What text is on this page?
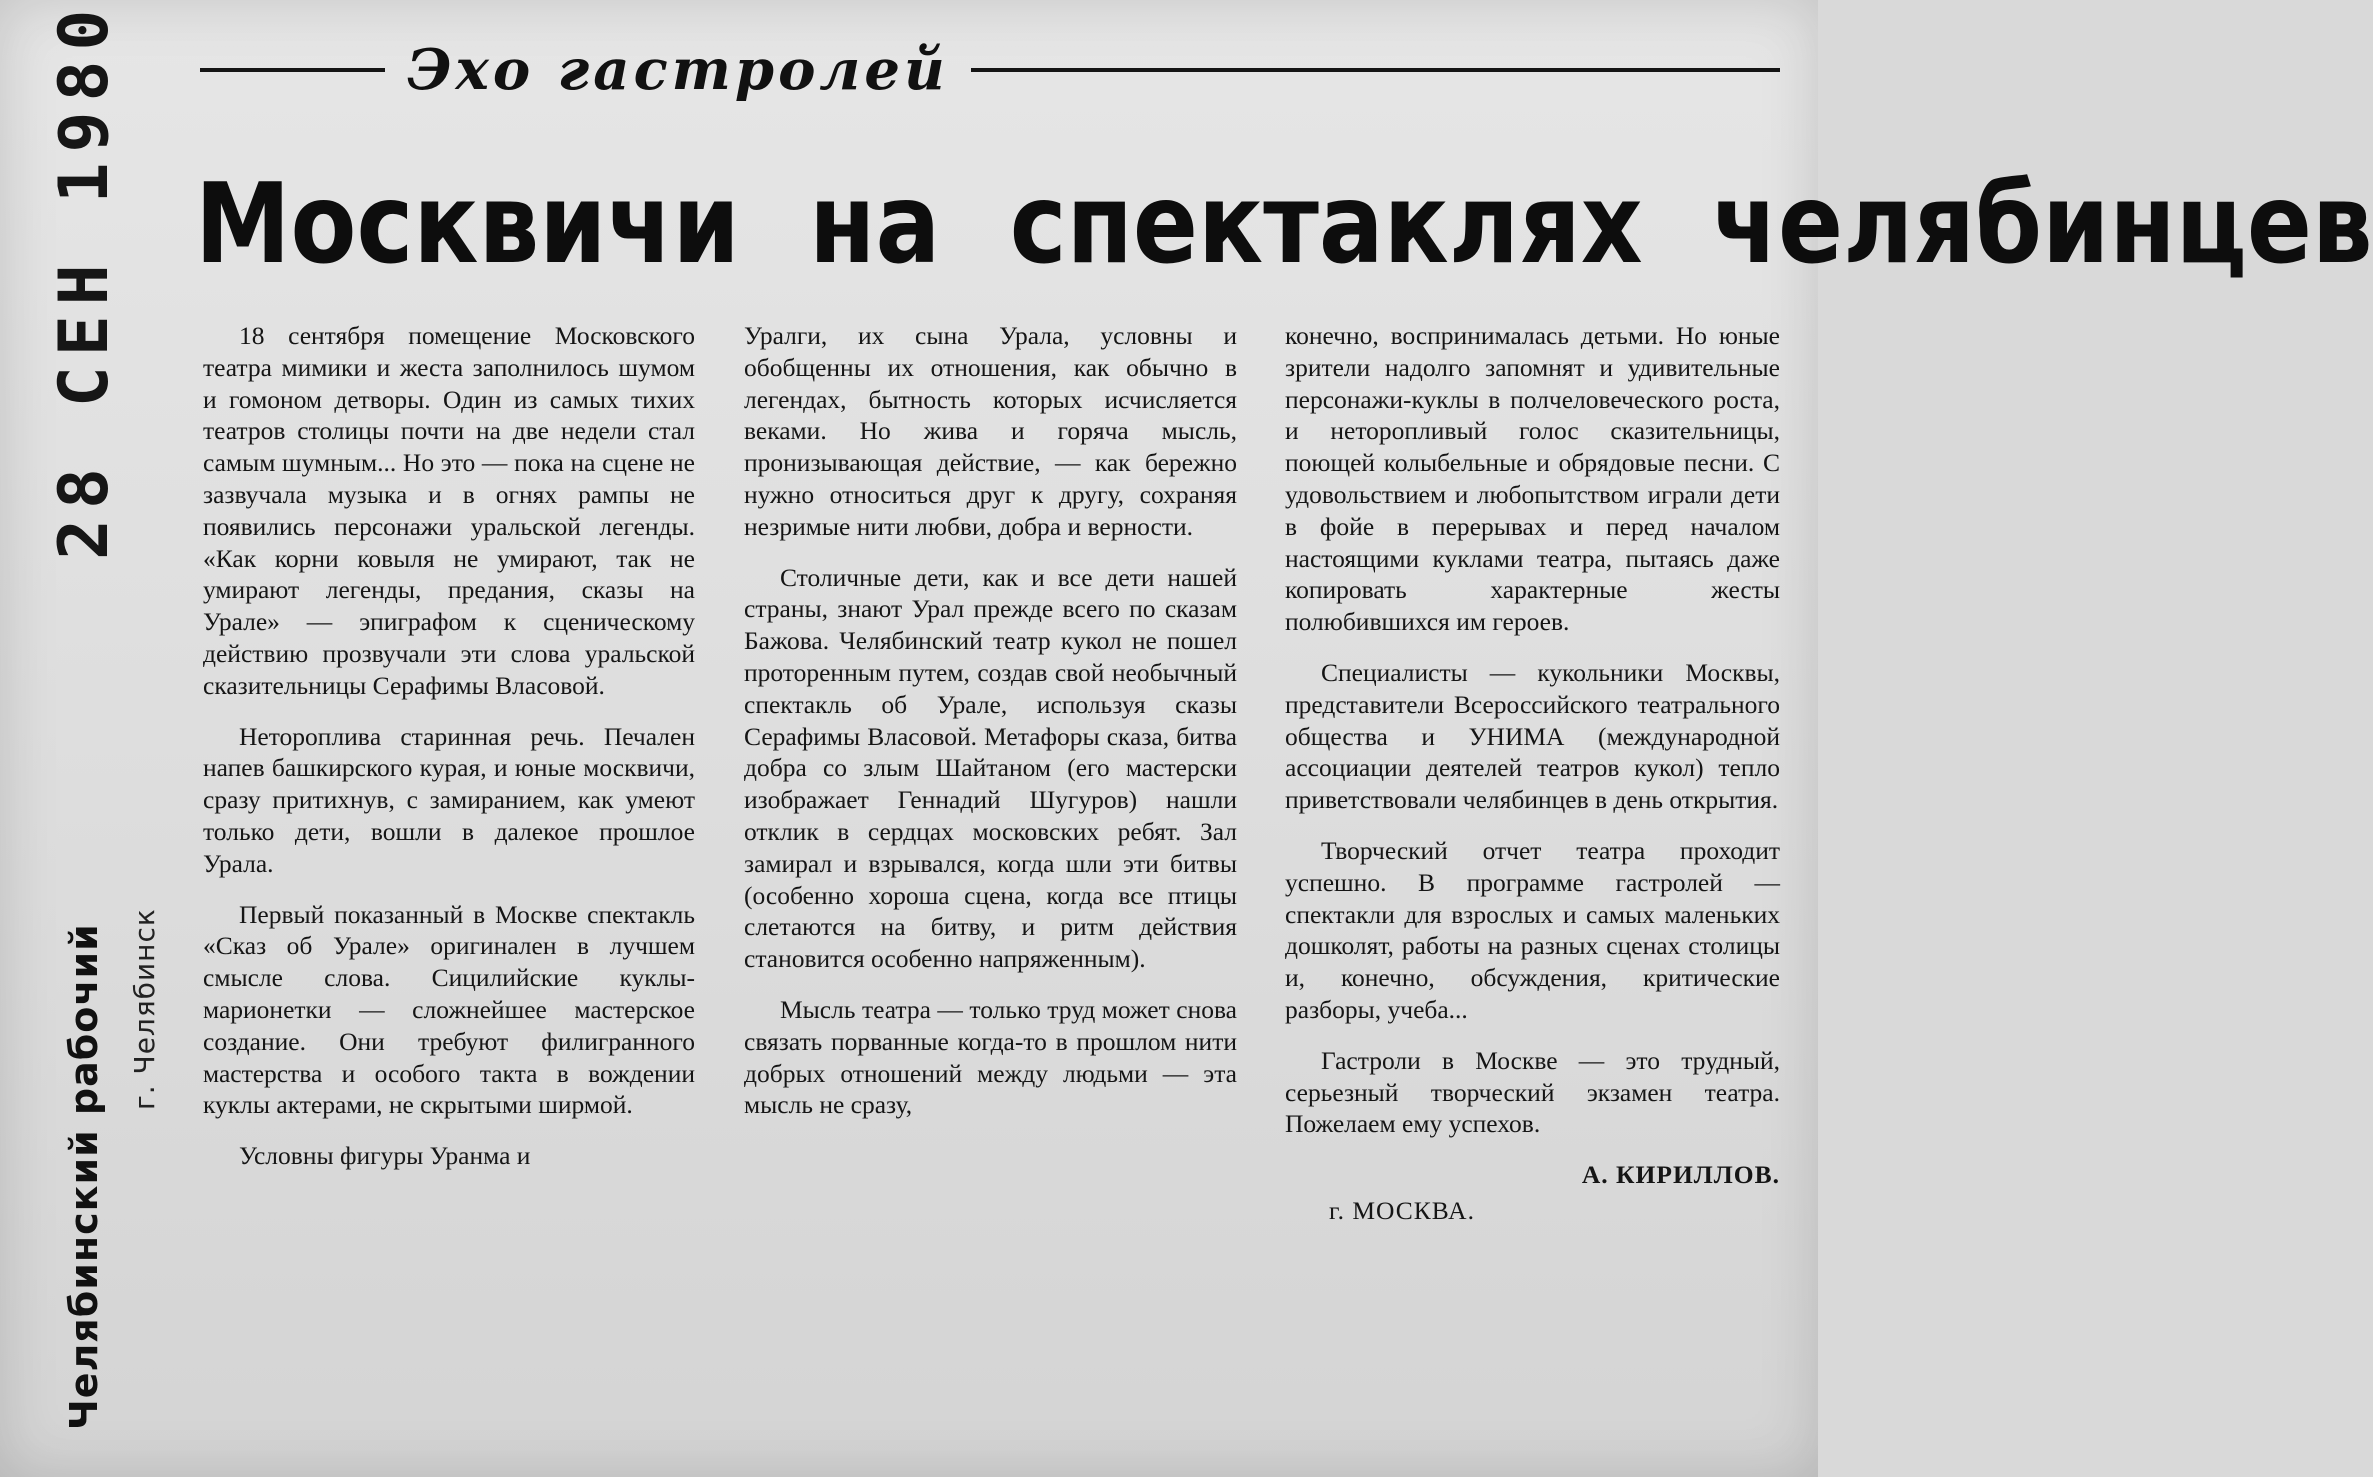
28 СЕН 1980
Челябинский рабочий г. Челябинск
Эхо гастролей
Москвичи на спектаклях челябинцев

18 сентября помещение Московского театра мимики и жеста заполнилось шумом и гомоном детворы. Один из самых тихих театров столицы почти на две недели стал самым шумным... Но это — пока на сцене не зазвучала музыка и в огнях рампы не появились персонажи уральской легенды. «Как корни ковыля не умирают, так не умирают легенды, предания, сказы на Урале» — эпиграфом к сценическому действию прозвучали эти слова уральской сказительницы Серафимы Власовой.

Неторопливa старинная речь. Печален напев башкирского курая, и юные москвичи, сразу притихнув, с замиранием, как умеют только дети, вошли в далекое прошлое Урала.

Первый показанный в Москве спектакль «Сказ об Урале» оригинален в лучшем смысле слова. Сицилийские куклы-марионетки — сложнейшее мастерское создание. Они требуют филигранного мастерства и особого такта в вождении куклы актерами, не скрытыми ширмой.

Условны фигуры Уранма и

Уралги, их сына Урала, условны и обобщенны их отношения, как обычно в легендах, бытность которых исчисляется веками. Но жива и горяча мысль, пронизывающая действие, — как бережно нужно относиться друг к другу, сохраняя незримые нити любви, добра и верности.

Столичные дети, как и все дети нашей страны, знают Урал прежде всего по сказам Бажова. Челябинский театр кукол не пошел проторенным путем, создав свой необычный спектакль об Урале, используя сказы Серафимы Власовой. Метафоры сказа, битва добра со злым Шайтаном (его мастерски изображает Геннадий Шугуров) нашли отклик в сердцах московских ребят. Зал замирал и взрывался, когда шли эти битвы (особенно хороша сцена, когда все птицы слетаются на битву, и ритм действия становится особенно напряженным).

Мысль театра — только труд может снова связать порванные когда-то в прошлом нити добрых отношений между людьми — эта мысль не сразу,

конечно, воспринималась детьми. Но юные зрители надолго запомнят и удивительные персонажи-куклы в полчеловеческого роста, и неторопливый голос сказительницы, поющей колыбельные и обрядовые песни. С удовольствием и любопытством играли дети в фойе в перерывах и перед началом настоящими куклами театра, пытаясь даже копировать характерные жесты полюбившихся им героев.

Специалисты — кукольники Москвы, представители Всероссийского театрального общества и УНИМА (международной ассоциации деятелей театров кукол) тепло приветствовали челябинцев в день открытия.

Творческий отчет театра проходит успешно. В программе гастролей — спектакли для взрослых и самых маленьких дошколят, работы на разных сценах столицы и, конечно, обсуждения, критические разборы, учеба...

Гастроли в Москве — это трудный, серьезный творческий экзамен театра. Пожелаем ему успехов.

А. КИРИЛЛОВ.
г. МОСКВА.
